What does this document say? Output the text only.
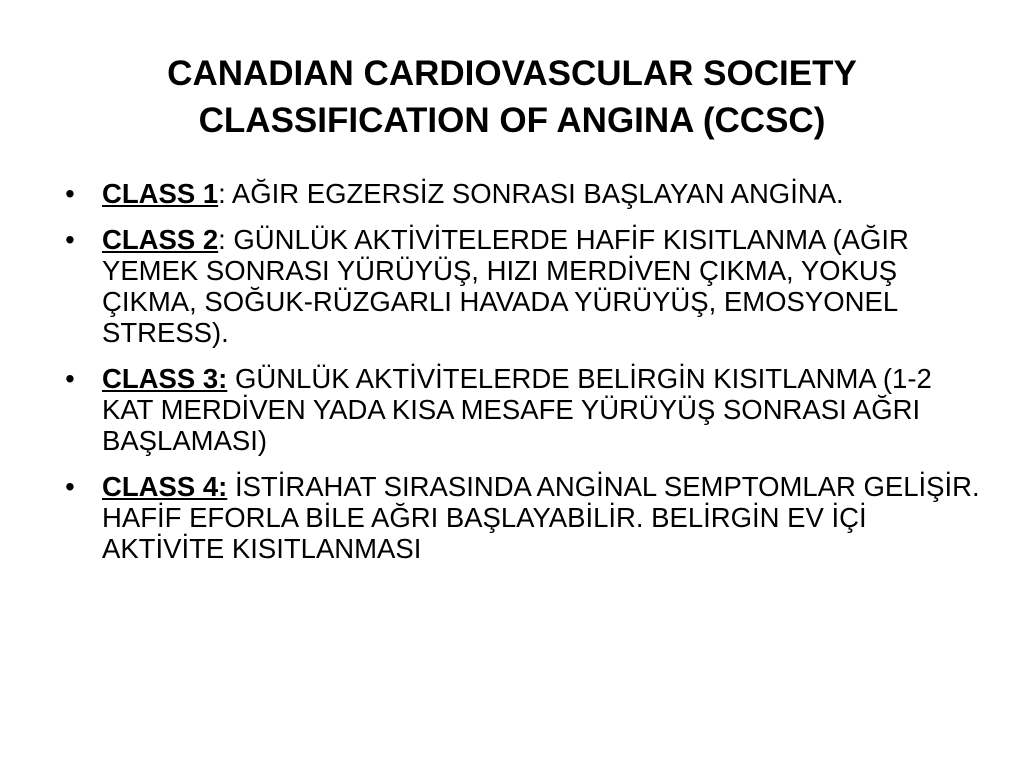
CANADIAN CARDIOVASCULAR SOCIETY
CLASSIFICATION OF ANGINA (CCSC)
• CLASS 1: AĞIR EGZERSİZ SONRASI BAŞLAYAN ANGİNA.
• CLASS 2: GÜNLÜK AKTİVİTELERDE HAFİF KISITLANMA (AĞIR YEMEK SONRASI YÜRÜYÜŞ, HIZI MERDİVEN ÇIKMA, YOKUŞ ÇIKMA, SOĞUK-RÜZGARLI HAVADA YÜRÜYÜŞ, EMOSYONEL STRESS).
• CLASS 3: GÜNLÜK AKTİVİTELERDE BELİRGİN KISITLANMA (1-2 KAT MERDİVEN YADA KISA MESAFE YÜRÜYÜŞ SONRASI AĞRI BAŞLAMASI)
• CLASS 4: İSTİRAHAT SIRASINDA ANGİNAL SEMPTOMLAR GELİŞİR. HAFİF EFORLA BİLE AĞRI BAŞLAYABİLİR. BELİRGİN EV İÇİ AKTİVİTE KISITLANMASI
